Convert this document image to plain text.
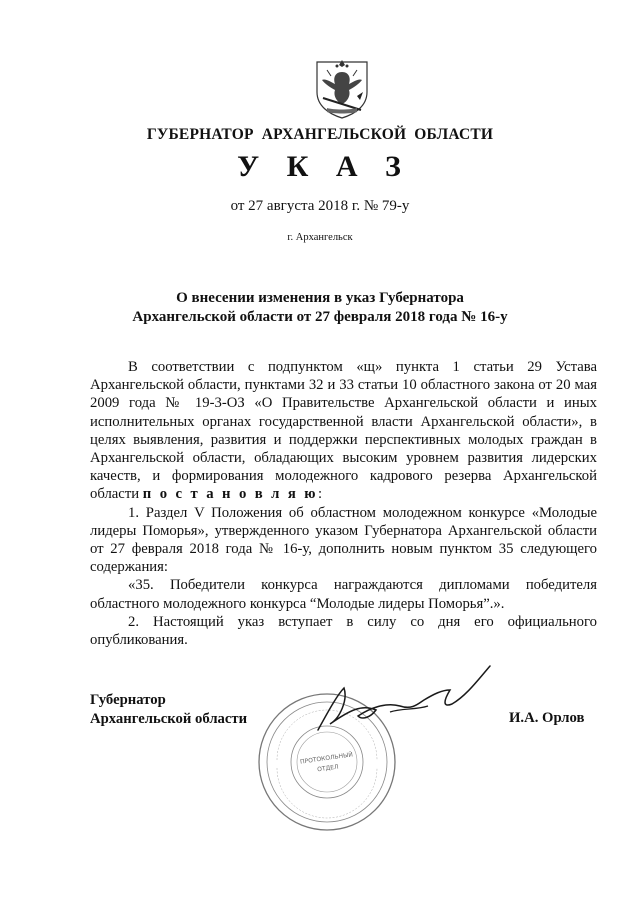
ГУБЕРНАТОР АРХАНГЕЛЬСКОЙ ОБЛАСТИ
У К А З
от 27 августа 2018 г. № 79-у
г. Архангельск
О внесении изменения в указ Губернатора
Архангельской области от 27 февраля 2018 года № 16-у

В соответствии с подпунктом «щ» пункта 1 статьи 29 Устава Архангельской области, пунктами 32 и 33 статьи 10 областного закона от 20 мая 2009 года № 19-3-ОЗ «О Правительстве Архангельской области и иных исполнительных органах государственной власти Архангельской области», в целях выявления, развития и поддержки перспективных молодых граждан в Архангельской области, обладающих высоким уровнем развития лидерских качеств, и формирования молодежного кадрового резерва Архангельской области п о с т а н о в л я ю:

1. Раздел V Положения об областном молодежном конкурсе «Молодые лидеры Поморья», утвержденного указом Губернатора Архангельской области от 27 февраля 2018 года № 16-у, дополнить новым пунктом 35 следующего содержания:

«35. Победители конкурса награждаются дипломами победителя областного молодежного конкурса “Молодые лидеры Поморья”.».

2. Настоящий указ вступает в силу со дня его официального опубликования.

ПРОТОКОЛЬНЫЙ
ОТДЕЛ
Губернатор
Архангельской области	И.А. Орлов
